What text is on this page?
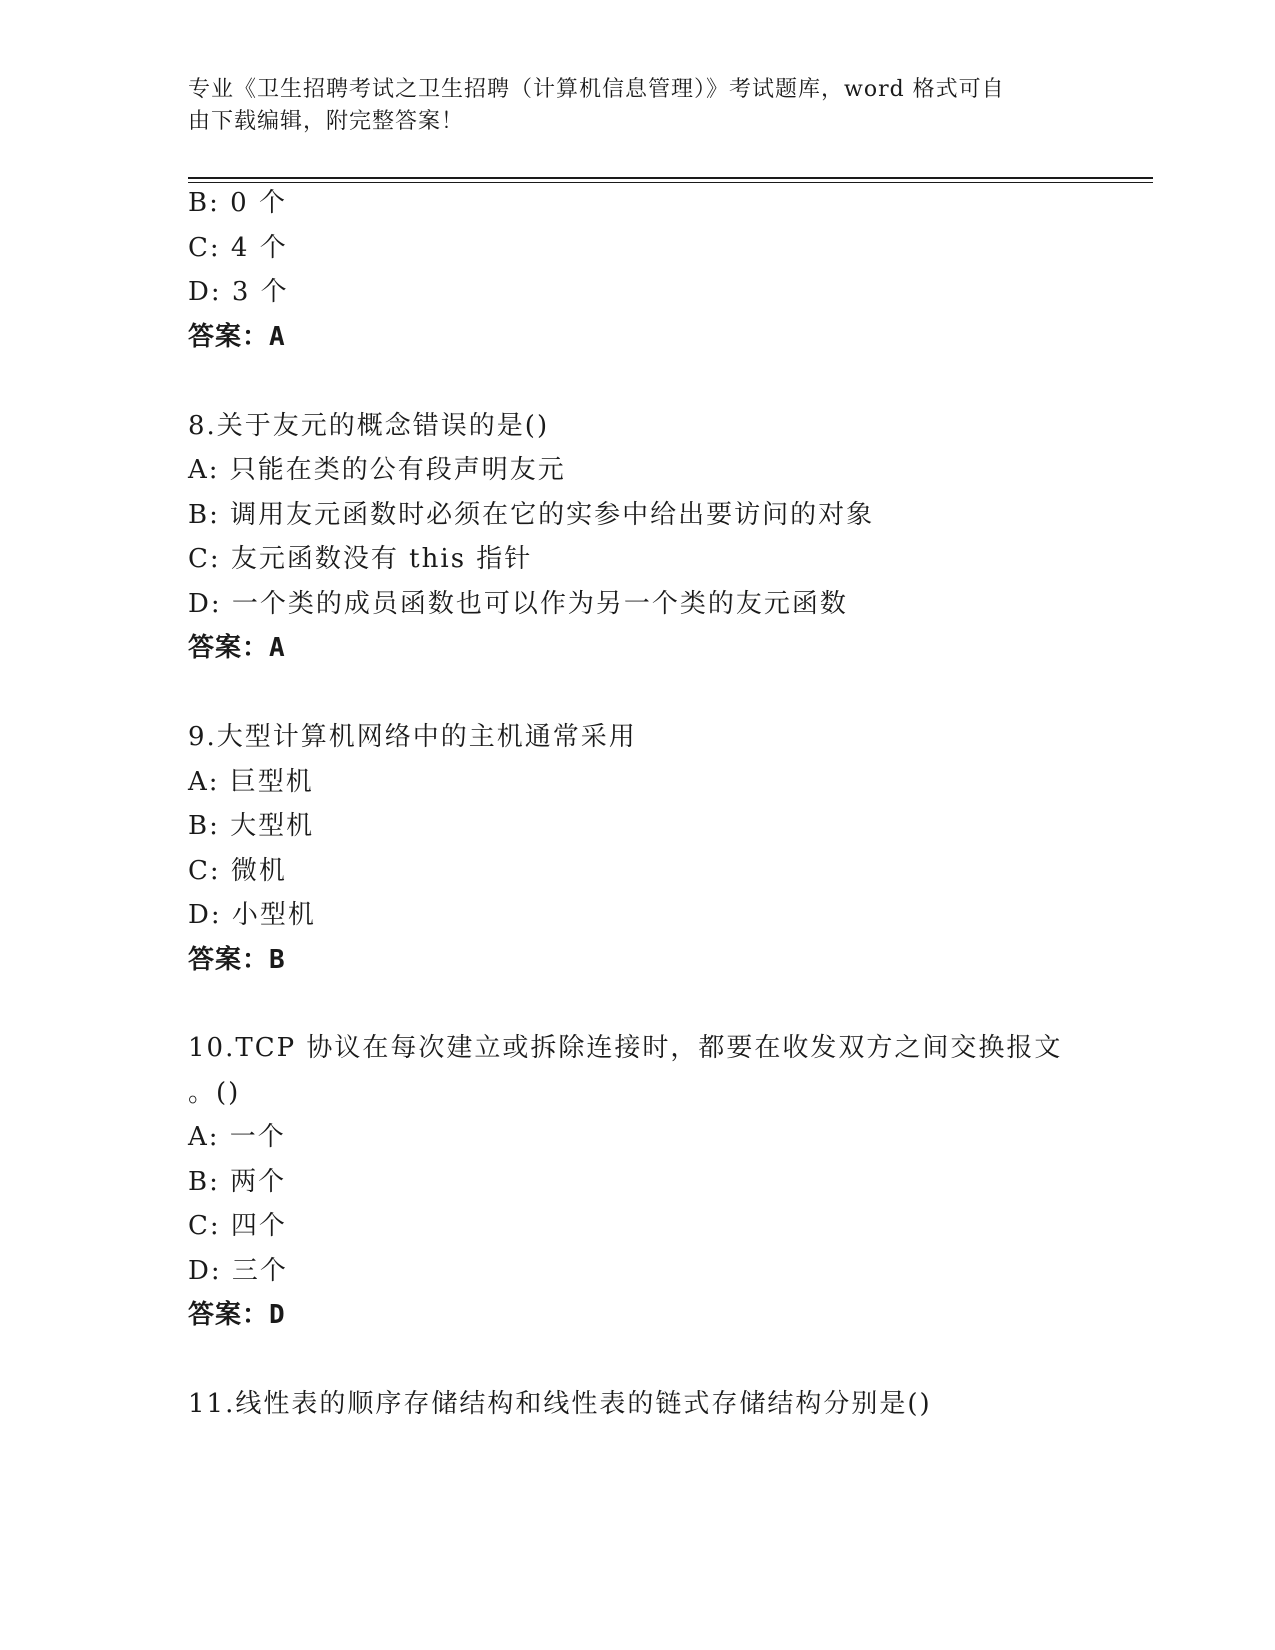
专业《卫生招聘考试之卫生招聘（计算机信息管理）》考试题库，word 格式可自
由下载编辑，附完整答案！
B: 0 个
C: 4 个
D: 3 个
答案：A
8.关于友元的概念错误的是()
A: 只能在类的公有段声明友元
B: 调用友元函数时必须在它的实参中给出要访问的对象
C: 友元函数没有 this 指针
D: 一个类的成员函数也可以作为另一个类的友元函数
答案：A
9.大型计算机网络中的主机通常采用
A: 巨型机
B: 大型机
C: 微机
D: 小型机
答案：B
10.TCP 协议在每次建立或拆除连接时，都要在收发双方之间交换报文
。()
A: 一个
B: 两个
C: 四个
D: 三个
答案：D
11.线性表的顺序存储结构和线性表的链式存储结构分别是()
